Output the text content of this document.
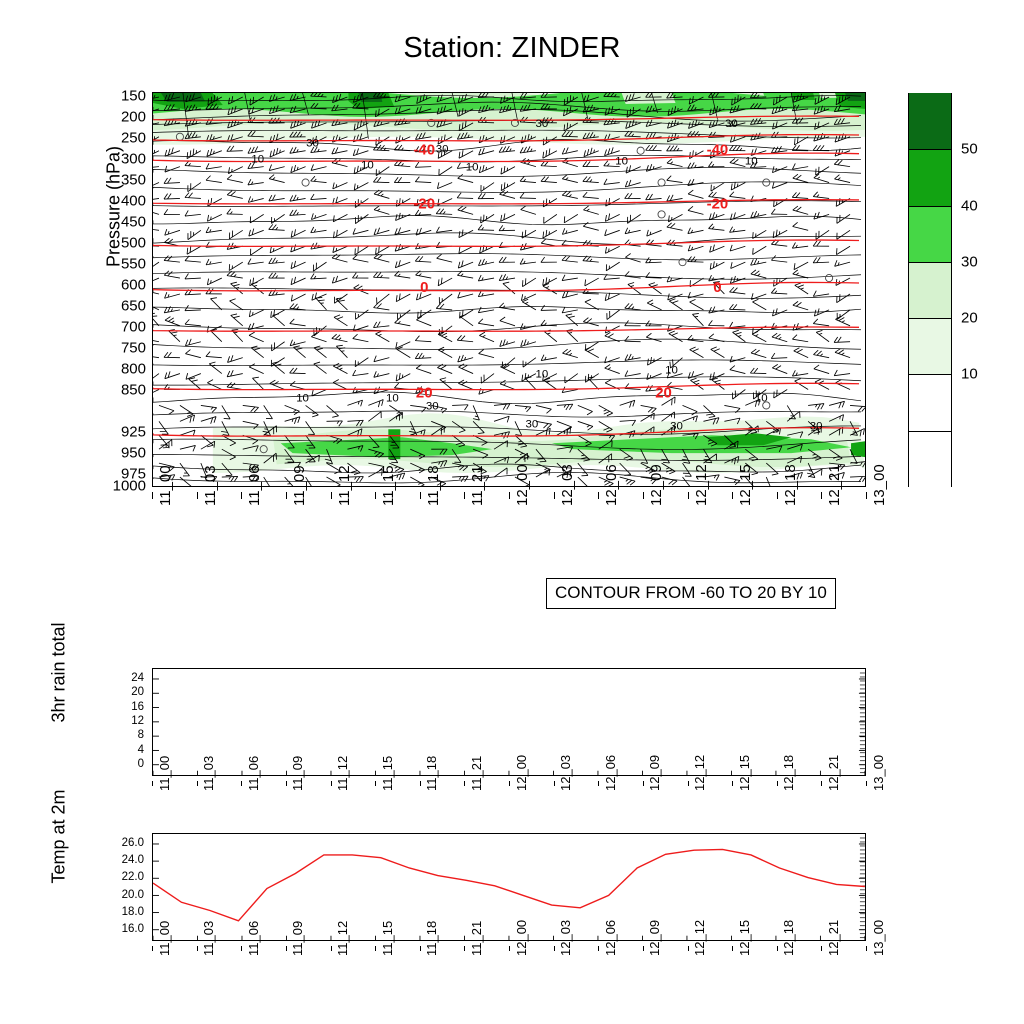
Station: ZINDER
Pressure (hPa)
150
200
250
300
350
400
450
500
550
600
650
700
750
800
850
925
950
975
1000
-40	-40
-20	-20
0	0
20	20
30	30
30	30
30
30	30	30
10	10	10	10	10
10	10
10	10
10
11_00 11_03 11_06 11_09 11_12 11_15 11_18 11_21 12_00 12_03 12_06 12_09 12_12 12_15 12_18 12_21 13_00
CONTOUR FROM -60 TO 20 BY 10
10
20
30
40
50
3hr rain total	24
20
16
12
8
4
0 11_00 11_03 11_06 11_09 11_12 11_15 11_18 11_21 12_00 12_03 12_06 12_09 12_12 12_15 12_18 12_21 13_00
Temp at 2m	26.0
24.0
22.0
20.0
18.0
16.0 11_00 11_03 11_06 11_09 11_12 11_15 11_18 11_21 12_00 12_03 12_06 12_09 12_12 12_15 12_18 12_21 13_00
